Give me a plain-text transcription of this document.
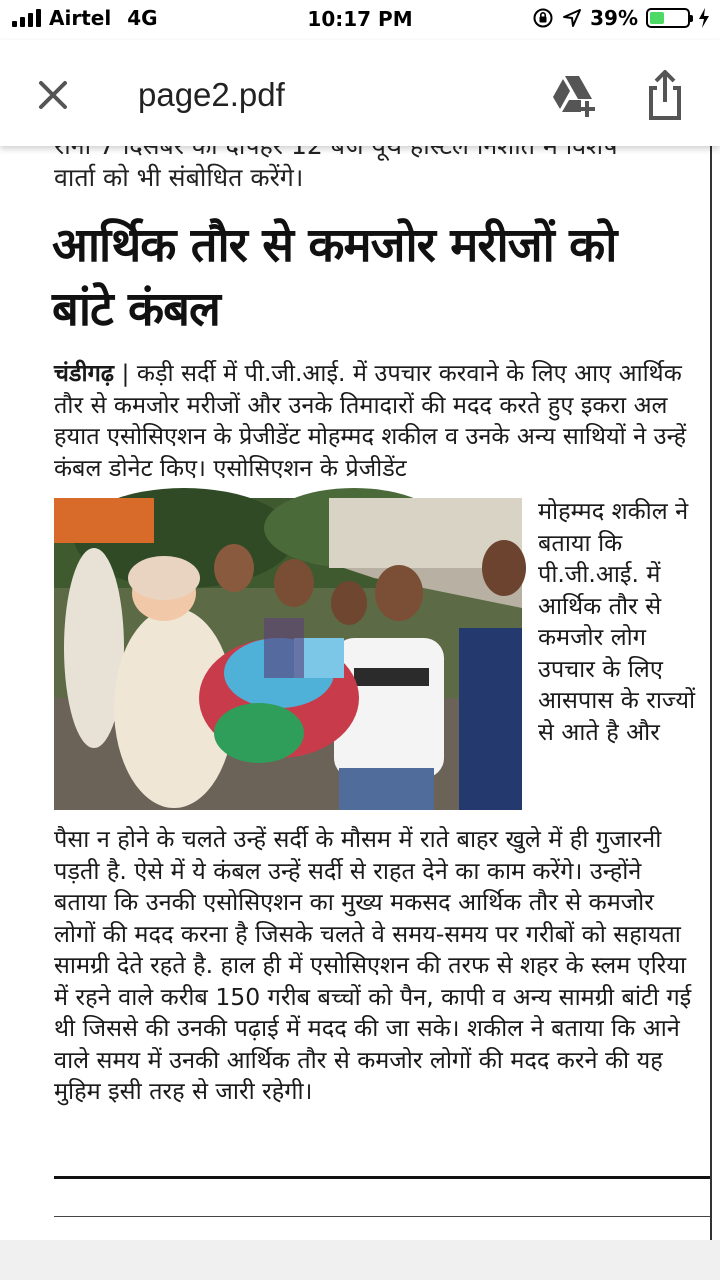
Airtel 4G	10:17 PM	39%
page2.pdf
वार्ता को भी संबोधित करेंगे।
आर्थिक तौर से कमजोर मरीजों को बांटे कंबल
चंडीगढ़ | कड़ी सर्दी में पी.जी.आई. में उपचार करवाने के लिए आए आर्थिक तौर से कमजोर मरीजों और उनके तिमादारों की मदद करते हुए इकरा अल हयात एसोसिएशन के प्रेजीडेंट मोहम्मद शकील व उनके अन्य साथियों ने उन्हें कंबल डोनेट किए। एसोसिएशन के प्रेजीडेंट
मोहम्मद शकील ने बताया कि पी.जी.आई. में आर्थिक तौर से कमजोर लोग उपचार के लिए आसपास के राज्यों से आते है और
पैसा न होने के चलते उन्हें सर्दी के मौसम में राते बाहर खुले में ही गुजारनी पड़ती है. ऐसे में ये कंबल उन्हें सर्दी से राहत देने का काम करेंगे। उन्होंने बताया कि उनकी एसोसिएशन का मुख्य मकसद आर्थिक तौर से कमजोर लोगों की मदद करना है जिसके चलते वे समय-समय पर गरीबों को सहायता सामग्री देते रहते है. हाल ही में एसोसिएशन की तरफ से शहर के स्लम एरिया में रहने वाले करीब 150 गरीब बच्चों को पैन, कापी व अन्य सामग्री बांटी गई थी जिससे की उनकी पढ़ाई में मदद की जा सके। शकील ने बताया कि आने वाले समय में उनकी आर्थिक तौर से कमजोर लोगों की मदद करने की यह मुहिम इसी तरह से जारी रहेगी।
